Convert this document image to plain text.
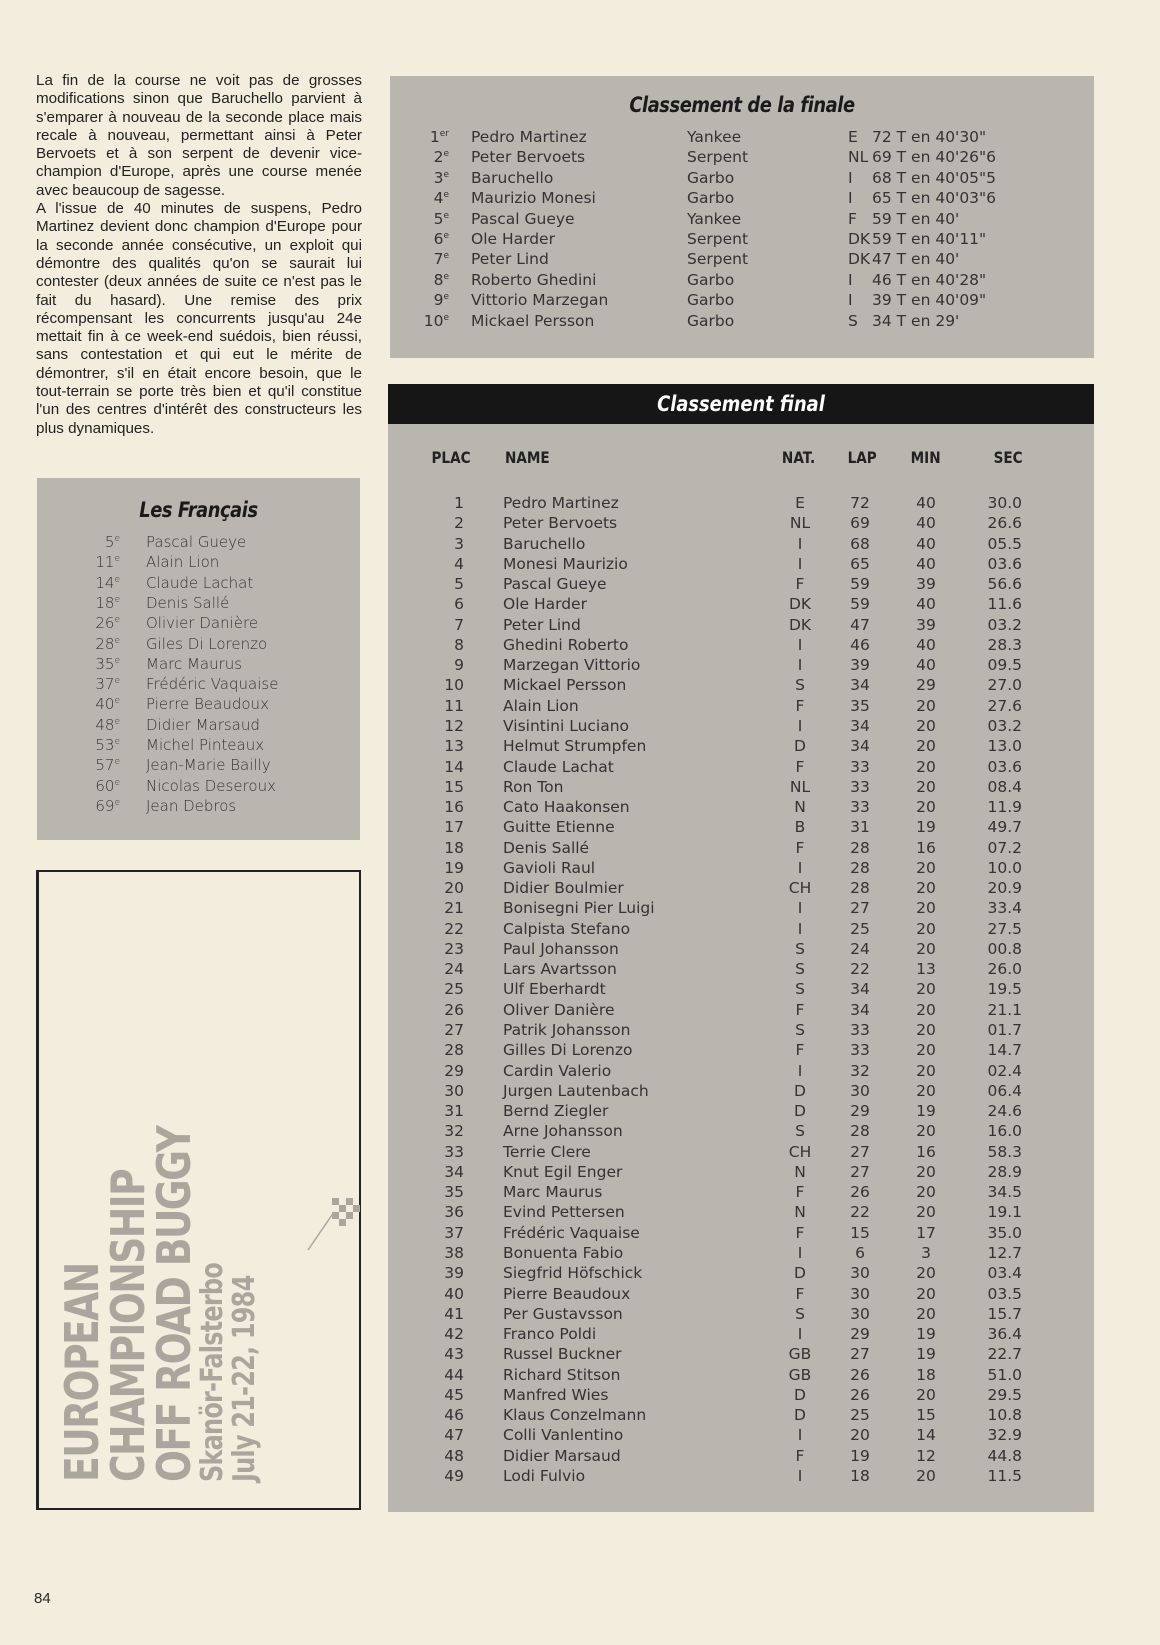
La fin de la course ne voit pas de grosses modifications sinon que Baruchello parvient à s'emparer à nouveau de la seconde place mais recale à nouveau, permettant ainsi à Peter Bervoets et à son serpent de devenir vice-champion d'Europe, après une course menée avec beaucoup de sagesse.

A l'issue de 40 minutes de suspens, Pedro Martinez devient donc champion d'Europe pour la seconde année consécutive, un exploit qui démontre des qualités qu'on se saurait lui contester (deux années de suite ce n'est pas le fait du hasard). Une remise des prix récompensant les concurrents jusqu'au 24e mettait fin à ce week-end suédois, bien réussi, sans contestation et qui eut le mérite de démontrer, s'il en était encore besoin, que le tout-terrain se porte très bien et qu'il constitue l'un des centres d'intérêt des constructeurs les plus dynamiques.

Les Français
5e Pascal Gueye
11e Alain Lion
14e Claude Lachat
18e Denis Sallé
26e Olivier Danière
28e Giles Di Lorenzo
35e Marc Maurus
37e Frédéric Vaquaise
40e Pierre Beaudoux
48e Didier Marsaud
53e Michel Pinteaux
57e Jean-Marie Bailly
60e Nicolas Deseroux
69e Jean Debros
EUROPEAN
CHAMPIONSHIP
OFF ROAD BUGGY
Skanör-Falsterbo
July 21-22, 1984
84
Classement de la finale
1er Pedro Martinez	Yankee	E 72 T en 40'30"
2e Peter Bervoets	Serpent	NL 69 T en 40'26"6
3e Baruchello	Garbo	I 68 T en 40'05"5
4e Maurizio Monesi	Garbo	I 65 T en 40'03"6
5e Pascal Gueye	Yankee	F 59 T en 40'
6e Ole Harder	Serpent	DK 59 T en 40'11"
7e Peter Lind	Serpent	DK 47 T en 40'
8e Roberto Ghedini	Garbo	I 46 T en 40'28"
9e Vittorio Marzegan	Garbo	I 39 T en 40'09"
10e Mickael Persson	Garbo	S 34 T en 29'
Classement final
PLAC NAME	NAT. LAP MIN	SEC
1	Pedro Martinez	E	72	40	30.0
2	Peter Bervoets	NL	69	40	26.6
3	Baruchello	I	68	40	05.5
4	Monesi Maurizio	I	65	40	03.6
5	Pascal Gueye	F	59	39	56.6
6	Ole Harder	DK	59	40	11.6
7	Peter Lind	DK	47	39	03.2
8	Ghedini Roberto	I	46	40	28.3
9	Marzegan Vittorio	I	39	40	09.5
10	Mickael Persson	S	34	29	27.0
11	Alain Lion	F	35	20	27.6
12	Visintini Luciano	I	34	20	03.2
13	Helmut Strumpfen	D	34	20	13.0
14	Claude Lachat	F	33	20	03.6
15	Ron Ton	NL	33	20	08.4
16	Cato Haakonsen	N	33	20	11.9
17	Guitte Etienne	B	31	19	49.7
18	Denis Sallé	F	28	16	07.2
19	Gavioli Raul	I	28	20	10.0
20	Didier Boulmier	CH	28	20	20.9
21	Bonisegni Pier Luigi	I	27	20	33.4
22	Calpista Stefano	I	25	20	27.5
23	Paul Johansson	S	24	20	00.8
24	Lars Avartsson	S	22	13	26.0
25	Ulf Eberhardt	S	34	20	19.5
26	Oliver Danière	F	34	20	21.1
27	Patrik Johansson	S	33	20	01.7
28	Gilles Di Lorenzo	F	33	20	14.7
29	Cardin Valerio	I	32	20	02.4
30	Jurgen Lautenbach	D	30	20	06.4
31	Bernd Ziegler	D	29	19	24.6
32	Arne Johansson	S	28	20	16.0
33	Terrie Clere	CH	27	16	58.3
34	Knut Egil Enger	N	27	20	28.9
35	Marc Maurus	F	26	20	34.5
36	Evind Pettersen	N	22	20	19.1
37	Frédéric Vaquaise	F	15	17	35.0
38	Bonuenta Fabio	I	6	3	12.7
39	Siegfrid Höfschick	D	30	20	03.4
40	Pierre Beaudoux	F	30	20	03.5
41	Per Gustavsson	S	30	20	15.7
42	Franco Poldi	I	29	19	36.4
43	Russel Buckner	GB	27	19	22.7
44	Richard Stitson	GB	26	18	51.0
45	Manfred Wies	D	26	20	29.5
46	Klaus Conzelmann	D	25	15	10.8
47	Colli Vanlentino	I	20	14	32.9
48	Didier Marsaud	F	19	12	44.8
49	Lodi Fulvio	I	18	20	11.5
